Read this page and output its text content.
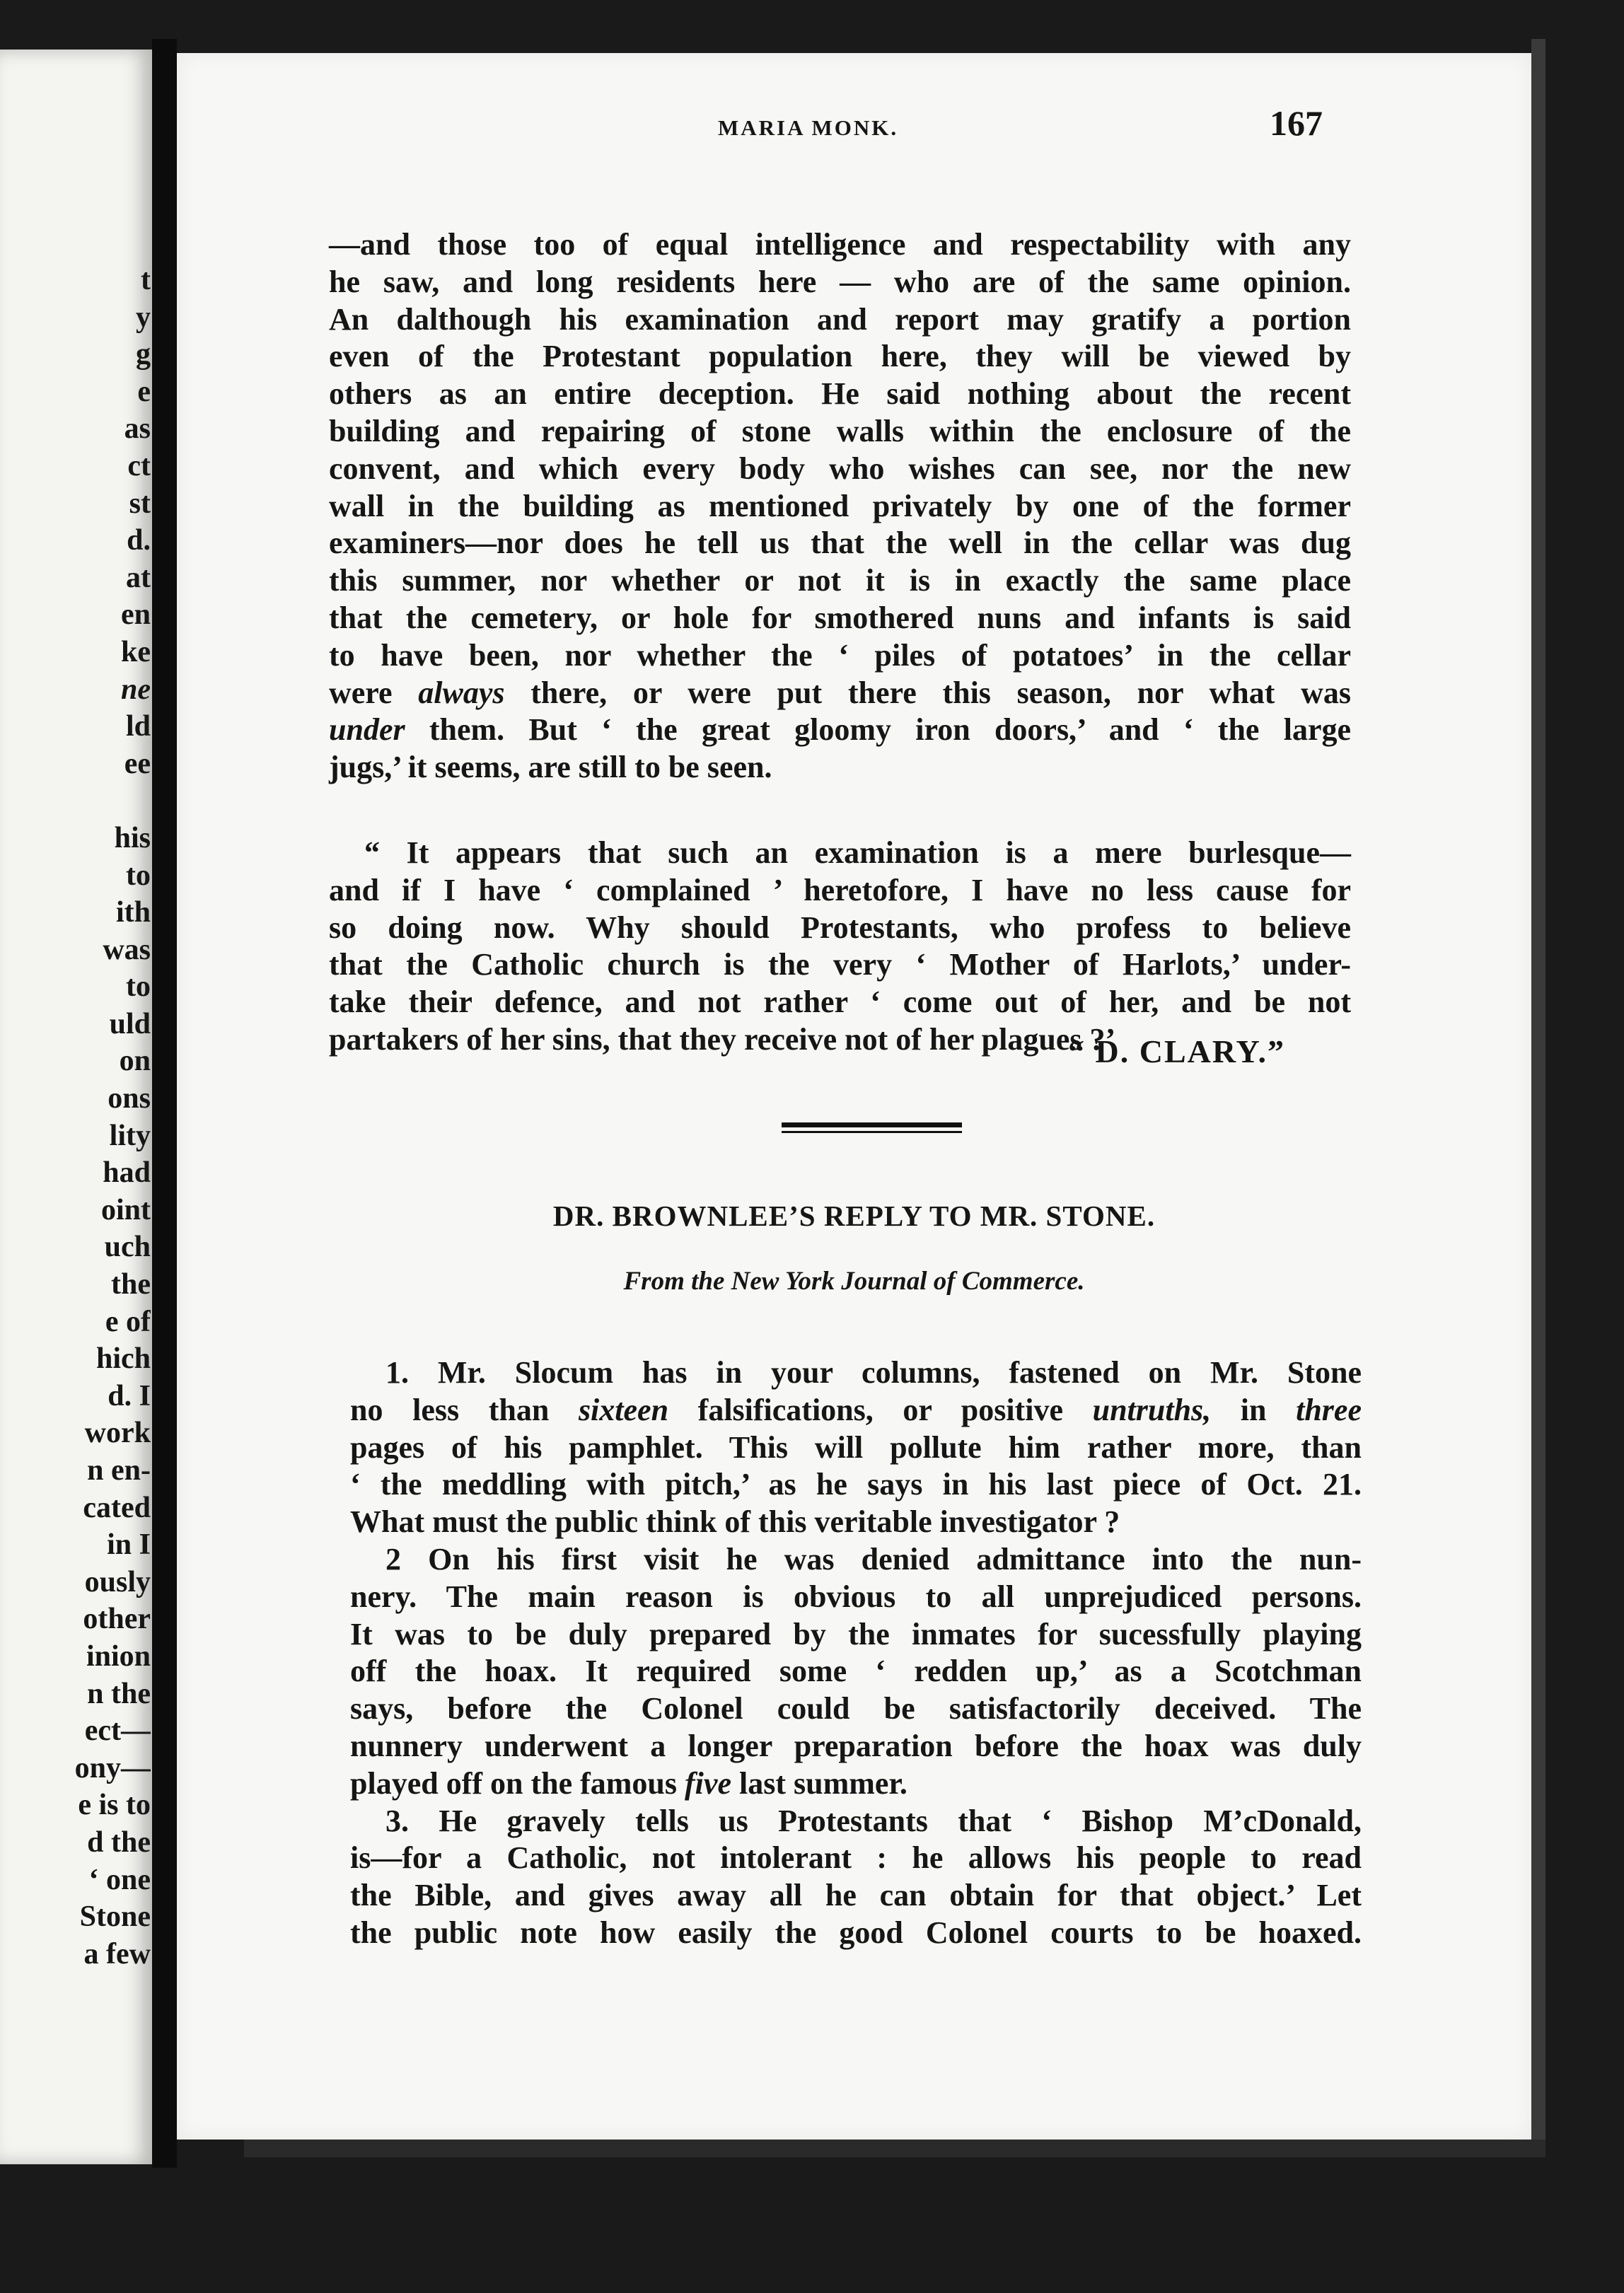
t
y
g
e
as
ct
st
d.
at
en
ke
ne
ld
ee
his
to
ith
was
to
uld
on
ons
lity
had
oint
uch
the
e of
hich
d. I
work
n en-
cated
in I
ously
other
inion
n the
ect—
ony—
e is to
d the
‘ one
Stone
a few
MARIA MONK.	167

—and those too of equal intelligence and respectability with any

he saw, and long residents here — who are of the same opinion.

An dalthough his examination and report may gratify a portion

even of the Protestant population here, they will be viewed by

others as an entire deception. He said nothing about the recent

building and repairing of stone walls within the enclosure of the

convent, and which every body who wishes can see, nor the new

wall in the building as mentioned privately by one of the former

examiners—nor does he tell us that the well in the cellar was dug

this summer, nor whether or not it is in exactly the same place

that the cemetery, or hole for smothered nuns and infants is said

to have been, nor whether the ‘ piles of potatoes’ in the cellar

were always there, or were put there this season, nor what was

under them. But ‘ the great gloomy iron doors,’ and ‘ the large

jugs,’ it seems, are still to be seen.

“ It appears that such an examination is a mere burlesque—

and if I have ‘ complained ’ heretofore, I have no less cause for

so doing now. Why should Protestants, who profess to believe

that the Catholic church is the very ‘ Mother of Harlots,’ under-

take their defence, and not rather ‘ come out of her, and be not

partakers of her sins, that they receive not of her plagues ?’

“ D. CLARY.”
DR. BROWNLEE’S REPLY TO MR. STONE.
From the New York Journal of Commerce.

1. Mr. Slocum has in your columns, fastened on Mr. Stone

no less than sixteen falsifications, or positive untruths, in three

pages of his pamphlet. This will pollute him rather more, than

‘ the meddling with pitch,’ as he says in his last piece of Oct. 21.

What must the public think of this veritable investigator ?

2 On his first visit he was denied admittance into the nun-

nery. The main reason is obvious to all unprejudiced persons.

It was to be duly prepared by the inmates for sucessfully playing

off the hoax. It required some ‘ redden up,’ as a Scotchman

says, before the Colonel could be satisfactorily deceived. The

nunnery underwent a longer preparation before the hoax was duly

played off on the famous five last summer.

3. He gravely tells us Protestants that ‘ Bishop M’cDonald,

is—for a Catholic, not intolerant : he allows his people to read

the Bible, and gives away all he can obtain for that object.’ Let

the public note how easily the good Colonel courts to be hoaxed.
